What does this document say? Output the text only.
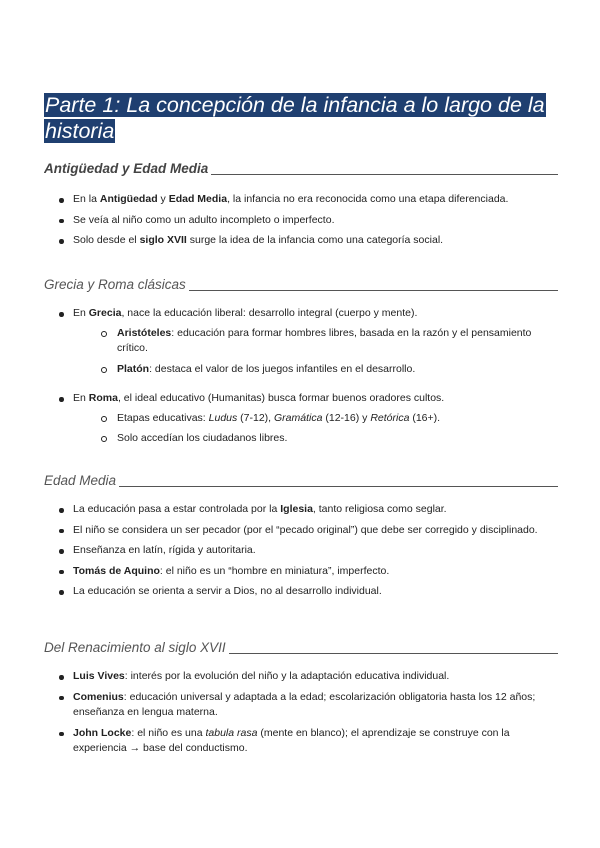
Parte 1: La concepción de la infancia a lo largo de la historia
Antigüedad y Edad Media
En la Antigüedad y Edad Media, la infancia no era reconocida como una etapa diferenciada.
Se veía al niño como un adulto incompleto o imperfecto.
Solo desde el siglo XVII surge la idea de la infancia como una categoría social.
Grecia y Roma clásicas
En Grecia, nace la educación liberal: desarrollo integral (cuerpo y mente).
Aristóteles: educación para formar hombres libres, basada en la razón y el pensamiento crítico.
Platón: destaca el valor de los juegos infantiles en el desarrollo.
En Roma, el ideal educativo (Humanitas) busca formar buenos oradores cultos.
Etapas educativas: Ludus (7-12), Gramática (12-16) y Retórica (16+).
Solo accedían los ciudadanos libres.
Edad Media
La educación pasa a estar controlada por la Iglesia, tanto religiosa como seglar.
El niño se considera un ser pecador (por el “pecado original”) que debe ser corregido y disciplinado.
Enseñanza en latín, rígida y autoritaria.
Tomás de Aquino: el niño es un “hombre en miniatura”, imperfecto.
La educación se orienta a servir a Dios, no al desarrollo individual.
Del Renacimiento al siglo XVII
Luis Vives: interés por la evolución del niño y la adaptación educativa individual.
Comenius: educación universal y adaptada a la edad; escolarización obligatoria hasta los 12 años; enseñanza en lengua materna.
John Locke: el niño es una tabula rasa (mente en blanco); el aprendizaje se construye con la experiencia → base del conductismo.
